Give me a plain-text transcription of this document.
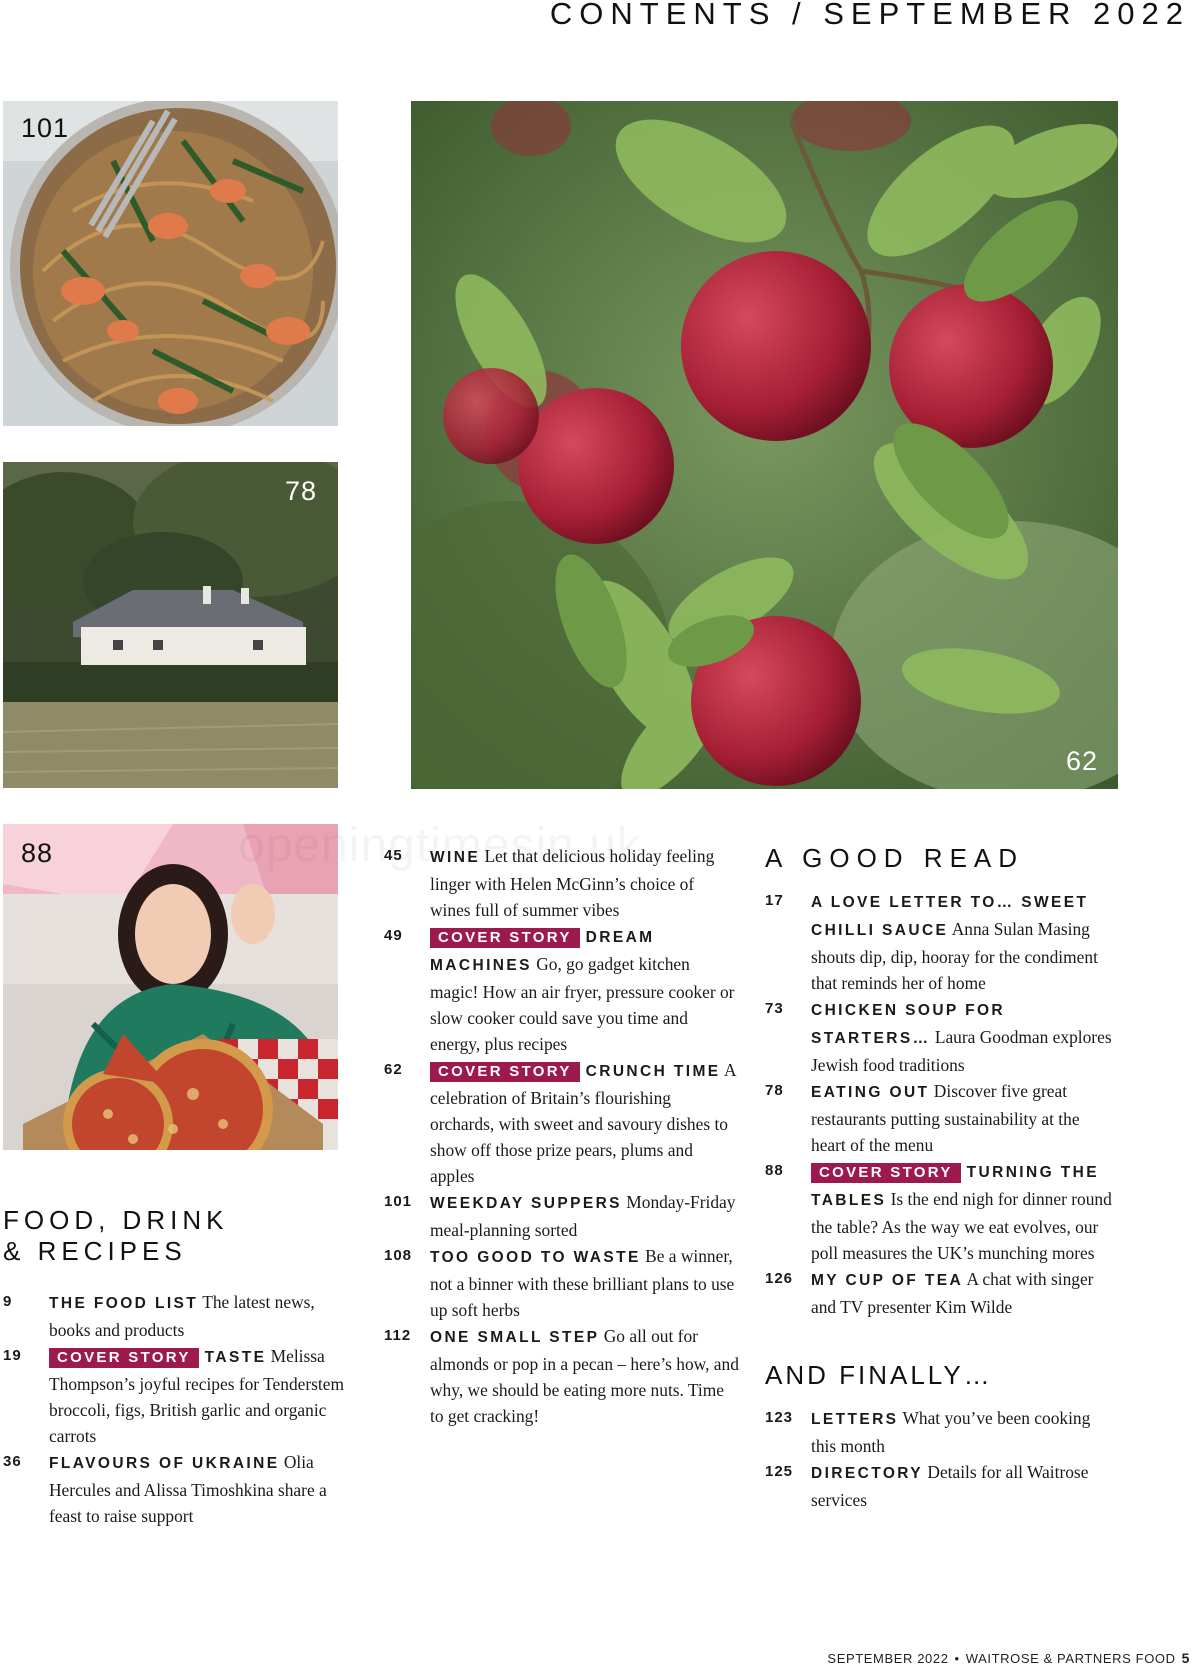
CONTENTS / SEPTEMBER 2022
101
78
62
88
FOOD, DRINK
& RECIPES
9 THE FOOD LIST The latest news, books and products
19 COVER STORY TASTE Melissa Thompson’s joyful recipes for Tenderstem broccoli, figs, British garlic and organic carrots
36 FLAVOURS OF UKRAINE Olia Hercules and Alissa Timoshkina share a feast to raise support
45 WINE Let that delicious holiday feeling linger with Helen McGinn’s choice of wines full of summer vibes
49 COVER STORY DREAM MACHINES Go, go gadget kitchen magic! How an air fryer, pressure cooker or slow cooker could save you time and energy, plus recipes
62 COVER STORY CRUNCH TIME A celebration of Britain’s flourishing orchards, with sweet and savoury dishes to show off those prize pears, plums and apples
101 WEEKDAY SUPPERS Monday-Friday meal-planning sorted
108 TOO GOOD TO WASTE Be a winner, not a binner with these brilliant plans to use up soft herbs
112 ONE SMALL STEP Go all out for almonds or pop in a pecan – here’s how, and why, we should be eating more nuts. Time to get cracking!
A GOOD READ
17 A LOVE LETTER TO… SWEET CHILLI SAUCE Anna Sulan Masing shouts dip, dip, hooray for the condiment that reminds her of home
73 CHICKEN SOUP FOR STARTERS… Laura Goodman explores Jewish food traditions
78 EATING OUT Discover five great restaurants putting sustainability at the heart of the menu
88 COVER STORY TURNING THE TABLES Is the end nigh for dinner round the table? As the way we eat evolves, our poll measures the UK’s munching mores
126 MY CUP OF TEA A chat with singer and TV presenter Kim Wilde
AND FINALLY…
123 LETTERS What you’ve been cooking this month
125 DIRECTORY Details for all Waitrose services
SEPTEMBER 2022 • WAITROSE & PARTNERS FOOD 5
